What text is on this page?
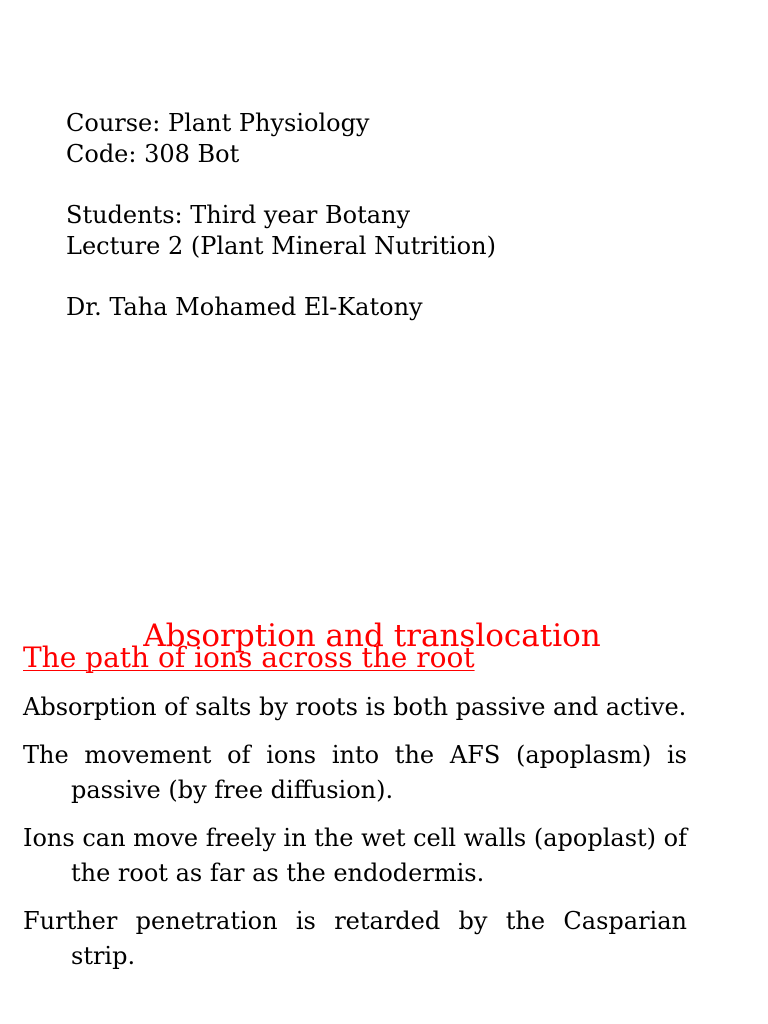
Course: Plant Physiology
Code: 308 Bot
Students: Third year Botany
Lecture 2 (Plant Mineral Nutrition)
Dr. Taha Mohamed El-Katony
Absorption and translocation
The path of ions across the root
Absorption of salts by roots is both passive and active.
The movement of ions into the AFS (apoplasm) is passive (by free diffusion).
Ions can move freely in the wet cell walls (apoplast) of the root as far as the endodermis.
Further penetration is retarded by the Casparian strip.
